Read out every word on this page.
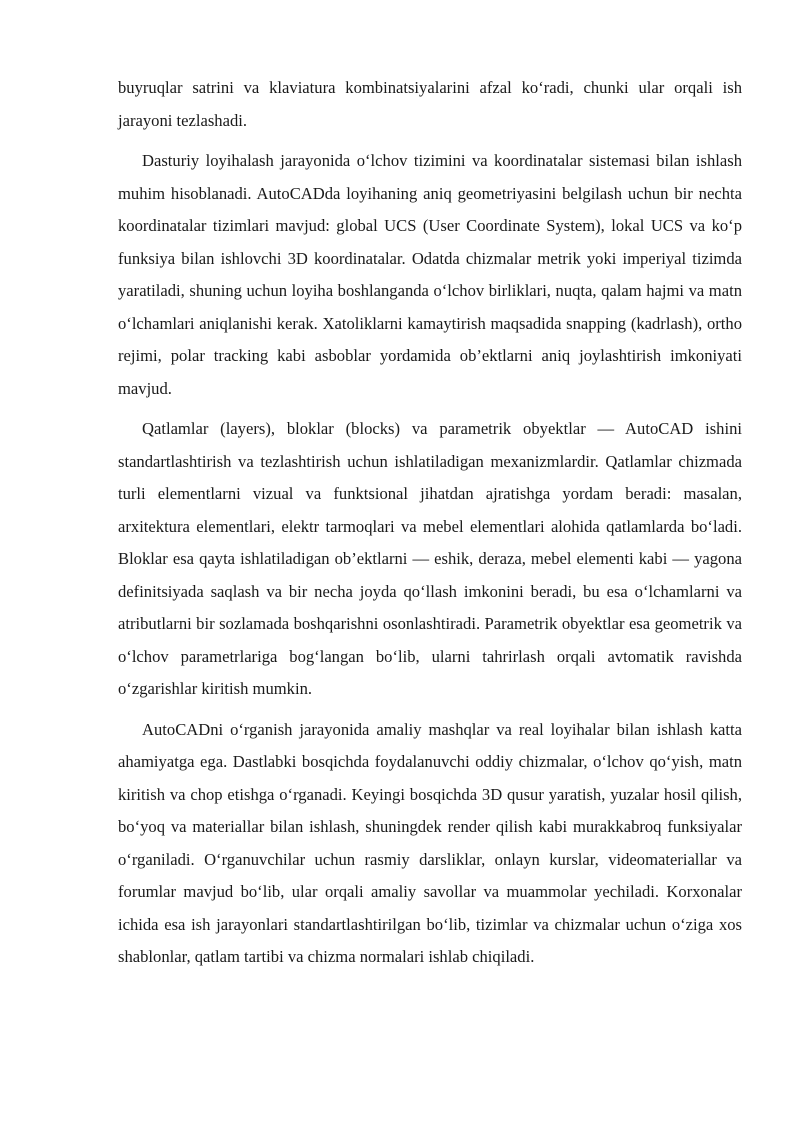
buyruqlar satrini va klaviatura kombinatsiyalarini afzal ko‘radi, chunki ular orqali ish jarayoni tezlashadi.

Dasturiy loyihalash jarayonida o‘lchov tizimini va koordinatalar sistemasi bilan ishlash muhim hisoblanadi. AutoCADda loyihaning aniq geometriyasini belgilash uchun bir nechta koordinatalar tizimlari mavjud: global UCS (User Coordinate System), lokal UCS va ko‘p funksiya bilan ishlovchi 3D koordinatalar. Odatda chizmalar metrik yoki imperiyal tizimda yaratiladi, shuning uchun loyiha boshlanganda o‘lchov birliklari, nuqta, qalam hajmi va matn o‘lchamlari aniqlanishi kerak. Xatoliklarni kamaytirish maqsadida snapping (kadrlash), ortho rejimi, polar tracking kabi asboblar yordamida ob’ektlarni aniq joylashtirish imkoniyati mavjud.

Qatlamlar (layers), bloklar (blocks) va parametrik obyektlar — AutoCAD ishini standartlashtirish va tezlashtirish uchun ishlatiladigan mexanizmlardir. Qatlamlar chizmada turli elementlarni vizual va funktsional jihatdan ajratishga yordam beradi: masalan, arxitektura elementlari, elektr tarmoqlari va mebel elementlari alohida qatlamlarda bo‘ladi. Bloklar esa qayta ishlatiladigan ob’ektlarni — eshik, deraza, mebel elementi kabi — yagona definitsiyada saqlash va bir necha joyda qo‘llash imkonini beradi, bu esa o‘lchamlarni va atributlarni bir sozlamada boshqarishni osonlashtiradi. Parametrik obyektlar esa geometrik va o‘lchov parametrlariga bog‘langan bo‘lib, ularni tahrirlash orqali avtomatik ravishda o‘zgarishlar kiritish mumkin.

AutoCADni o‘rganish jarayonida amaliy mashqlar va real loyihalar bilan ishlash katta ahamiyatga ega. Dastlabki bosqichda foydalanuvchi oddiy chizmalar, o‘lchov qo‘yish, matn kiritish va chop etishga o‘rganadi. Keyingi bosqichda 3D qusur yaratish, yuzalar hosil qilish, bo‘yoq va materiallar bilan ishlash, shuningdek render qilish kabi murakkabroq funksiyalar o‘rganiladi. O‘rganuvchilar uchun rasmiy darsliklar, onlayn kurslar, videomateriallar va forumlar mavjud bo‘lib, ular orqali amaliy savollar va muammolar yechiladi. Korxonalar ichida esa ish jarayonlari standartlashtirilgan bo‘lib, tizimlar va chizmalar uchun o‘ziga xos shablonlar, qatlam tartibi va chizma normalari ishlab chiqiladi.
